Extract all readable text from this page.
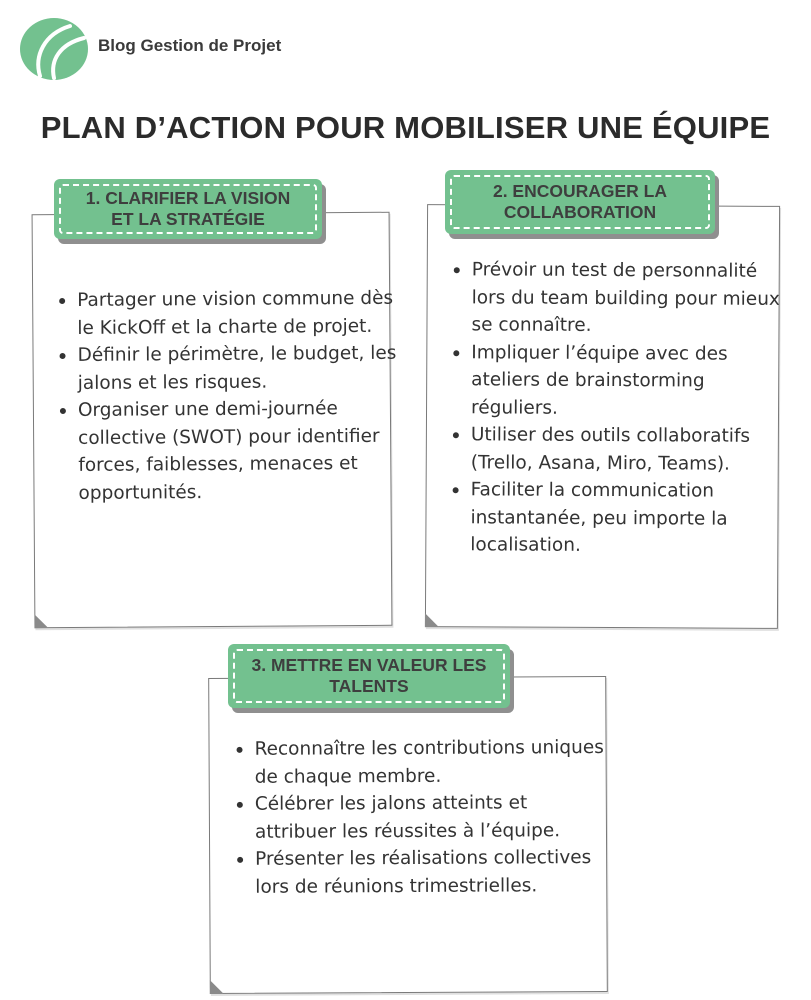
Blog Gestion de Projet
PLAN D’ACTION POUR MOBILISER UNE ÉQUIPE
Partager une vision commune dès le KickOff et la charte de projet.
Définir le périmètre, le budget, les jalons et les risques.
Organiser une demi-journée collective (SWOT) pour identifier forces, faiblesses, menaces et opportunités.
1. CLARIFIER LA VISION
ET LA STRATÉGIE
Prévoir un test de personnalité lors du team building pour mieux se connaître.
Impliquer l’équipe avec des ateliers de brainstorming réguliers.
Utiliser des outils collaboratifs (Trello, Asana, Miro, Teams).
Faciliter la communication instantanée, peu importe la localisation.
2. ENCOURAGER LA
COLLABORATION
Reconnaître les contributions uniques de chaque membre.
Célébrer les jalons atteints et attribuer les réussites à l’équipe.
Présenter les réalisations collectives lors de réunions trimestrielles.
3. METTRE EN VALEUR LES
TALENTS
